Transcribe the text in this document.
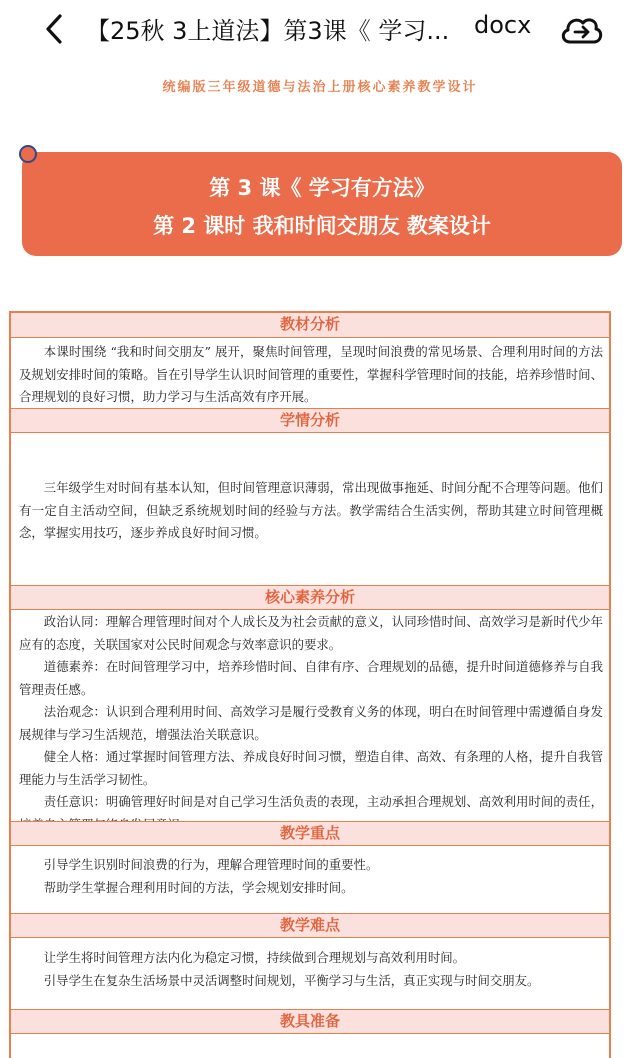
【25秋 3上道法】第3课《 学习... docx
统编版三年级道德与法治上册核心素养教学设计
第 3 课《 学习有方法》
第 2 课时 我和时间交朋友 教案设计
教材分析

本课时围绕 “我和时间交朋友” 展开，聚焦时间管理，呈现时间浪费的常见场景、合理利用时间的方法及规划安排时间的策略。旨在引导学生认识时间管理的重要性，掌握科学管理时间的技能，培养珍惜时间、合理规划的良好习惯，助力学习与生活高效有序开展。

学情分析

三年级学生对时间有基本认知，但时间管理意识薄弱，常出现做事拖延、时间分配不合理等问题。他们有一定自主活动空间，但缺乏系统规划时间的经验与方法。教学需结合生活实例，帮助其建立时间管理概念，掌握实用技巧，逐步养成良好时间习惯。

核心素养分析

政治认同：理解合理管理时间对个人成长及为社会贡献的意义，认同珍惜时间、高效学习是新时代少年应有的态度，关联国家对公民时间观念与效率意识的要求。

道德素养：在时间管理学习中，培养珍惜时间、自律有序、合理规划的品德，提升时间道德修养与自我管理责任感。

法治观念：认识到合理利用时间、高效学习是履行受教育义务的体现，明白在时间管理中需遵循自身发展规律与学习生活规范，增强法治关联意识。

健全人格：通过掌握时间管理方法、养成良好时间习惯，塑造自律、高效、有条理的人格，提升自我管理能力与生活学习韧性。

责任意识：明确管理好时间是对自己学习生活负责的表现，主动承担合理规划、高效利用时间的责任，

教学重点

引导学生识别时间浪费的行为，理解合理管理时间的重要性。

帮助学生掌握合理利用时间的方法，学会规划安排时间。

教学难点

让学生将时间管理方法内化为稳定习惯，持续做到合理规划与高效利用时间。

引导学生在复杂生活场景中灵活调整时间规划，平衡学习与生活，真正实现与时间交朋友。

教具准备
